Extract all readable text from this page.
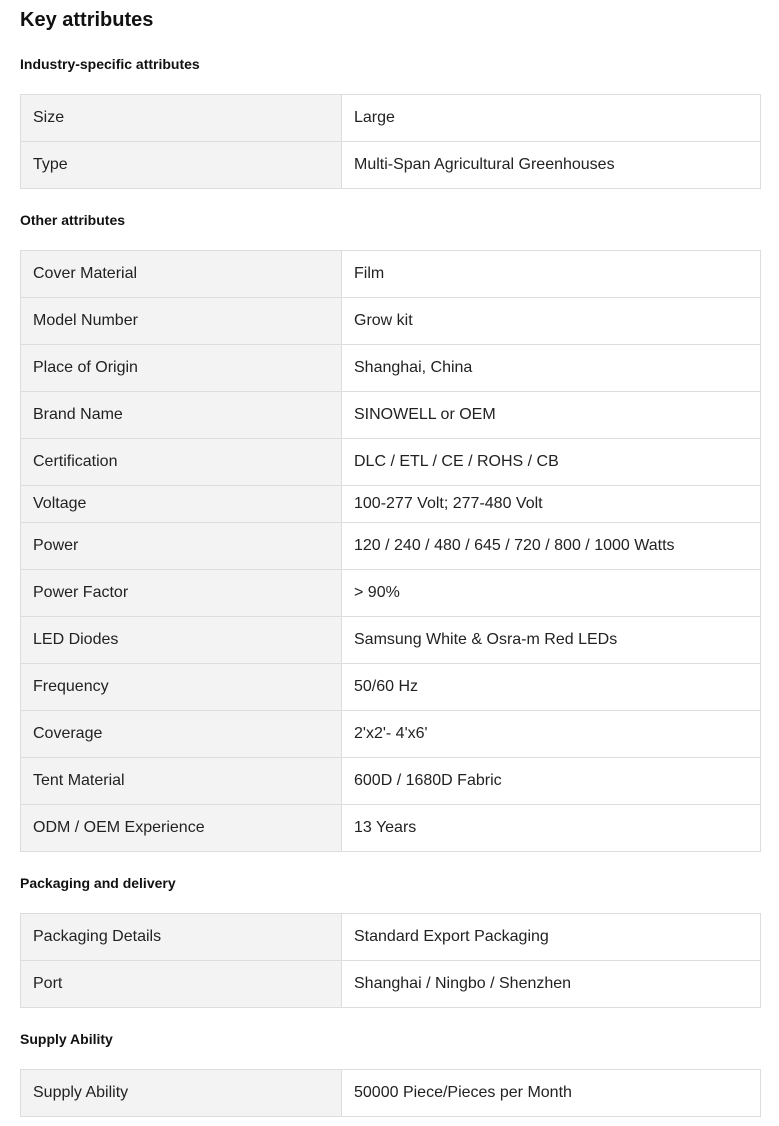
Key attributes
Industry-specific attributes
Size	Large
Type	Multi-Span Agricultural Greenhouses
Other attributes
Cover Material	Film
Model Number	Grow kit
Place of Origin	Shanghai, China
Brand Name	SINOWELL or OEM
Certification	DLC / ETL / CE / ROHS / CB
Voltage	100-277 Volt; 277-480 Volt
Power	120 / 240 / 480 / 645 / 720 / 800 / 1000 Watts
Power Factor	> 90%
LED Diodes	Samsung White & Osra-m Red LEDs
Frequency	50/60 Hz
Coverage	2'x2'- 4'x6'
Tent Material	600D / 1680D Fabric
ODM / OEM Experience	13 Years
Packaging and delivery
Packaging Details	Standard Export Packaging
Port	Shanghai / Ningbo / Shenzhen
Supply Ability
Supply Ability	50000 Piece/Pieces per Month
